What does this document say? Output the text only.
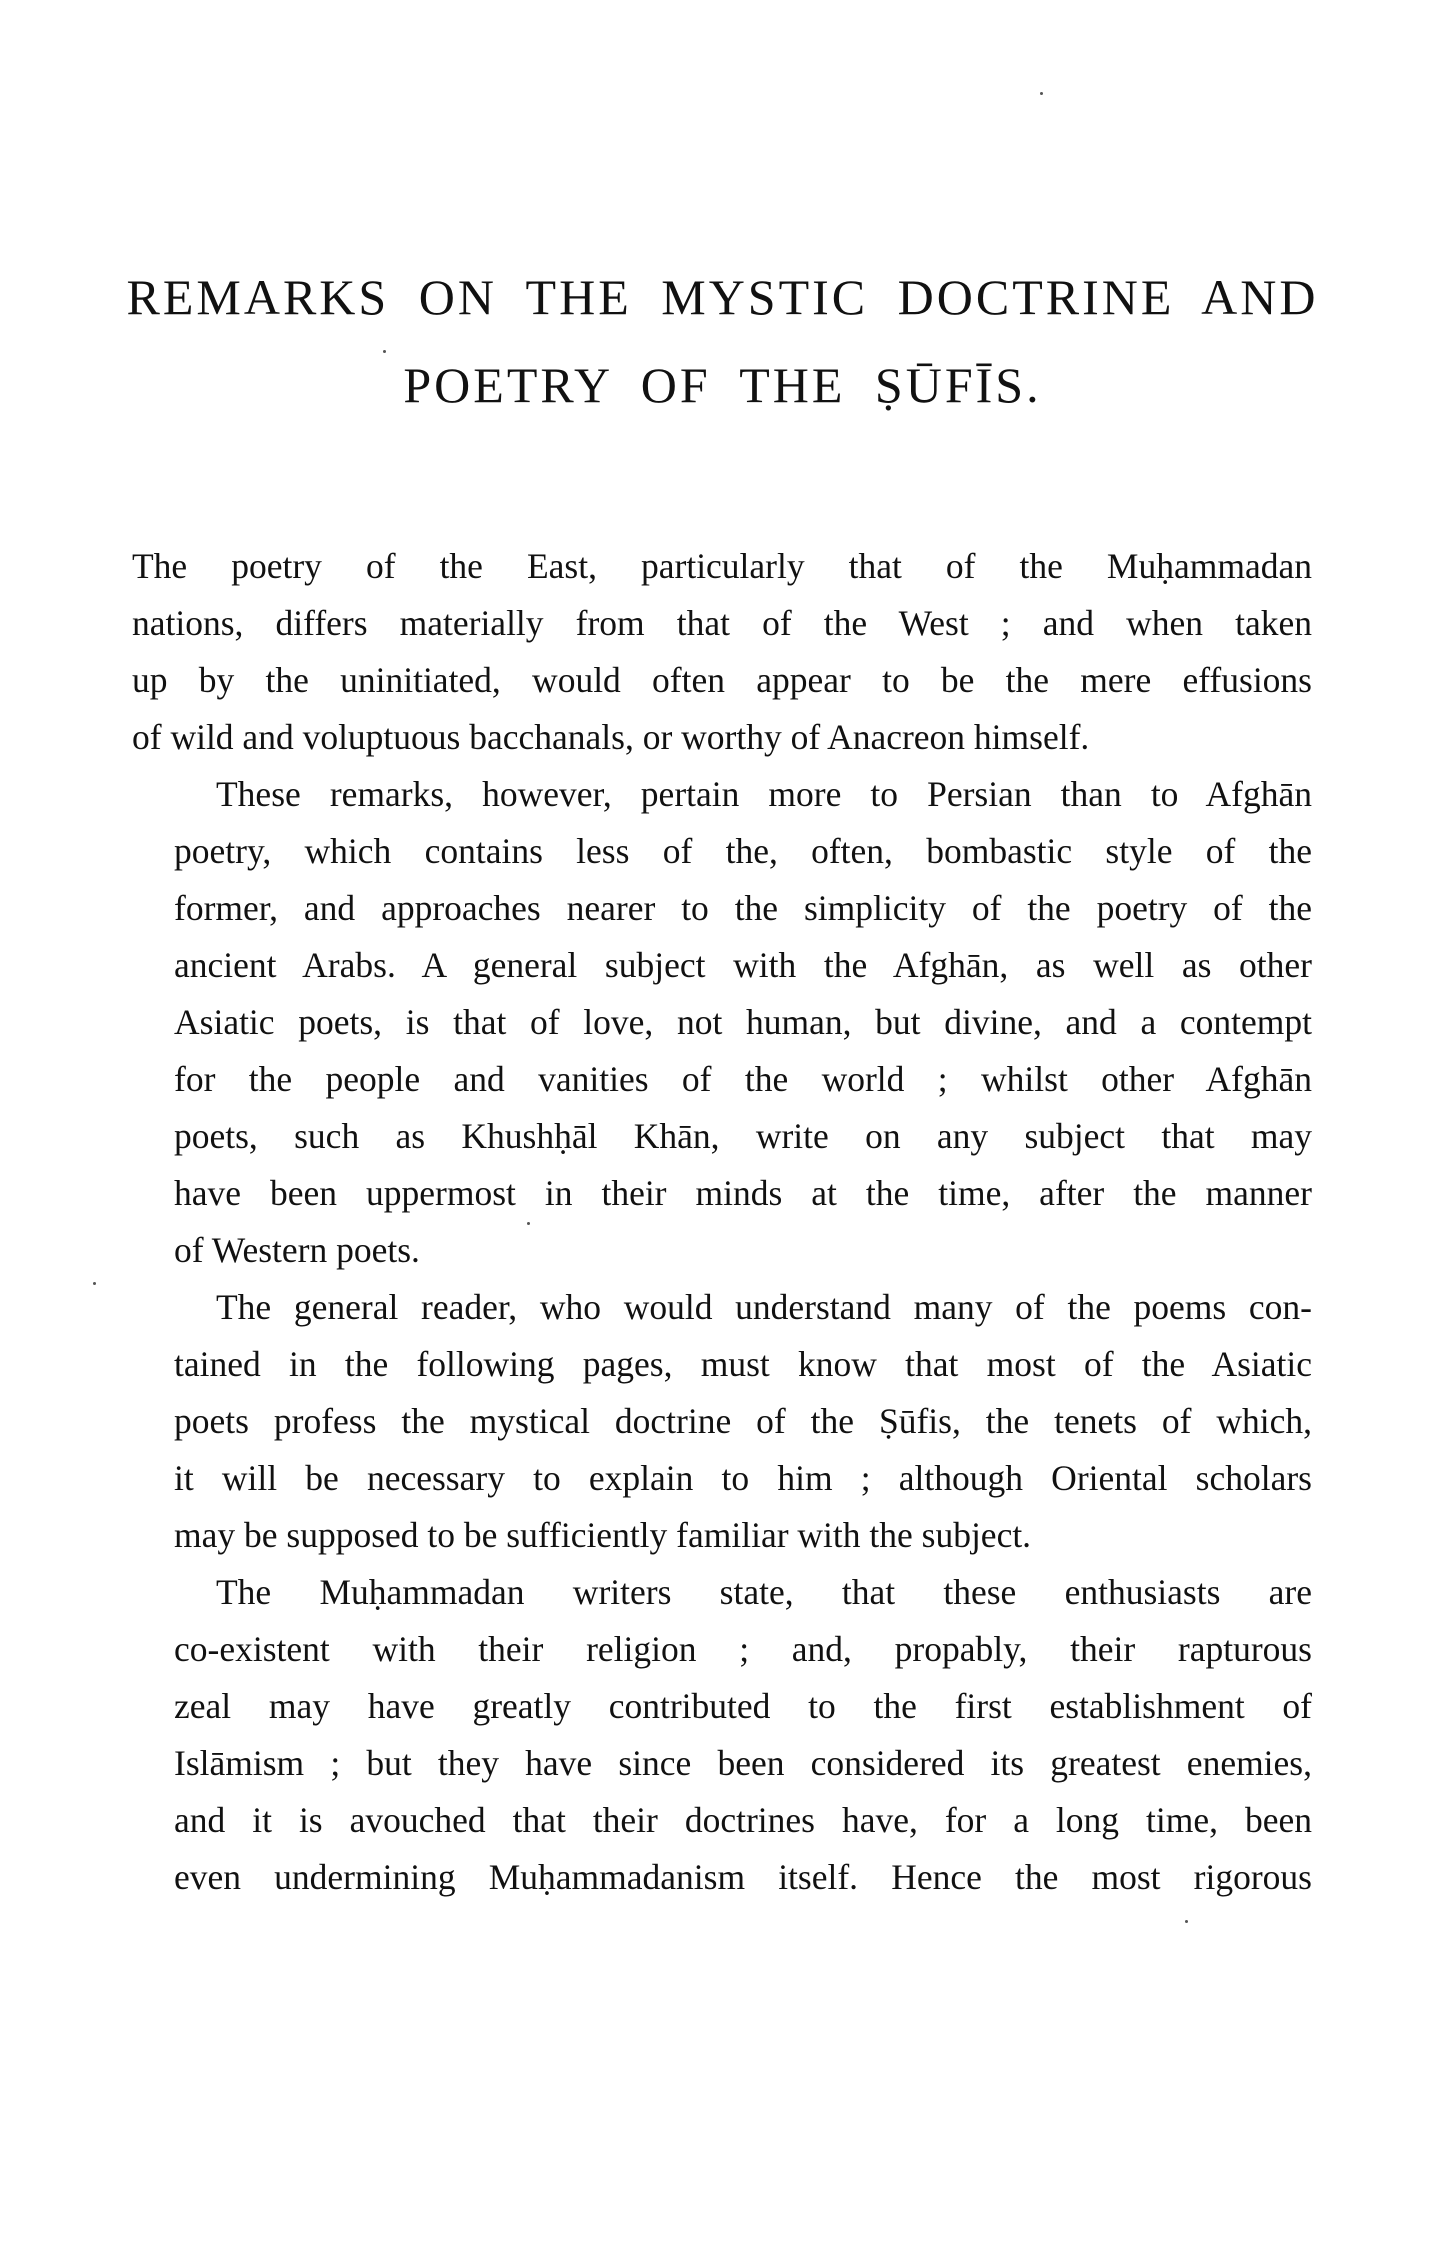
REMARKS ON THE MYSTIC DOCTRINE AND
POETRY OF THE ṢŪFĪS.

The poetry of the East, particularly that of the Muḥammadan
nations, differs materially from that of the West ; and when taken
up by the uninitiated, would often appear to be the mere effusions
of wild and voluptuous bacchanals, or worthy of Anacreon himself.

These remarks, however, pertain more to Persian than to Afghān
poetry, which contains less of the, often, bombastic style of the
former, and approaches nearer to the simplicity of the poetry of the
ancient Arabs. A general subject with the Afghān, as well as other
Asiatic poets, is that of love, not human, but divine, and a contempt
for the people and vanities of the world ; whilst other Afghān
poets, such as Khushḥāl Khān, write on any subject that may
have been uppermost in their minds at the time, after the manner
of Western poets.

The general reader, who would understand many of the poems con-
tained in the following pages, must know that most of the Asiatic
poets profess the mystical doctrine of the Ṣūfis, the tenets of which,
it will be necessary to explain to him ; although Oriental scholars
may be supposed to be sufficiently familiar with the subject.

The Muḥammadan writers state, that these enthusiasts are
co-existent with their religion ; and, propably, their rapturous
zeal may have greatly contributed to the first establishment of
Islāmism ; but they have since been considered its greatest enemies,
and it is avouched that their doctrines have, for a long time, been
even undermining Muḥammadanism itself. Hence the most rigorous
